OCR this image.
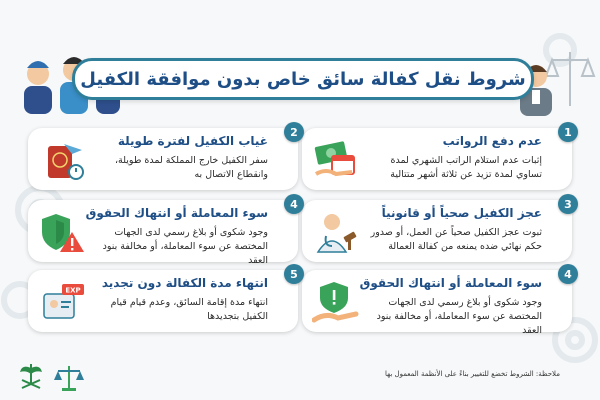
شروط نقل كفالة سائق خاص بدون موافقة الكفيل
1
عدم دفع الرواتب
إثبات عدم استلام الراتب الشهري لمدة تساوي لمدة تزيد عن ثلاثة أشهر متتالية
2
غياب الكفيل لفترة طويلة
سفر الكفيل خارج المملكة لمدة طويلة، وانقطاع الاتصال به
3
عجز الكفيل صحياً أو قانونياً
ثبوت عجز الكفيل صحياً عن العمل، أو صدور حكم نهائي ضده يمنعه من كفالة العمالة
4
سوء المعاملة أو انتهاك الحقوق
وجود شكوى أو بلاغ رسمي لدى الجهات المختصة عن سوء المعاملة، أو مخالفة بنود العقد
4
سوء المعاملة أو انتهاك الحقوق
وجود شكوى أو بلاغ رسمي لدى الجهات المختصة عن سوء المعاملة، أو مخالفة بنود العقد
5
انتهاء مدة الكفالة دون تجديد
انتهاء مدة إقامة السائق، وعدم قيام قيام الكفيل بتجديدها
EXP
ملاحظة: الشروط تخضع للتغيير بناءً على الأنظمة المعمول بها
